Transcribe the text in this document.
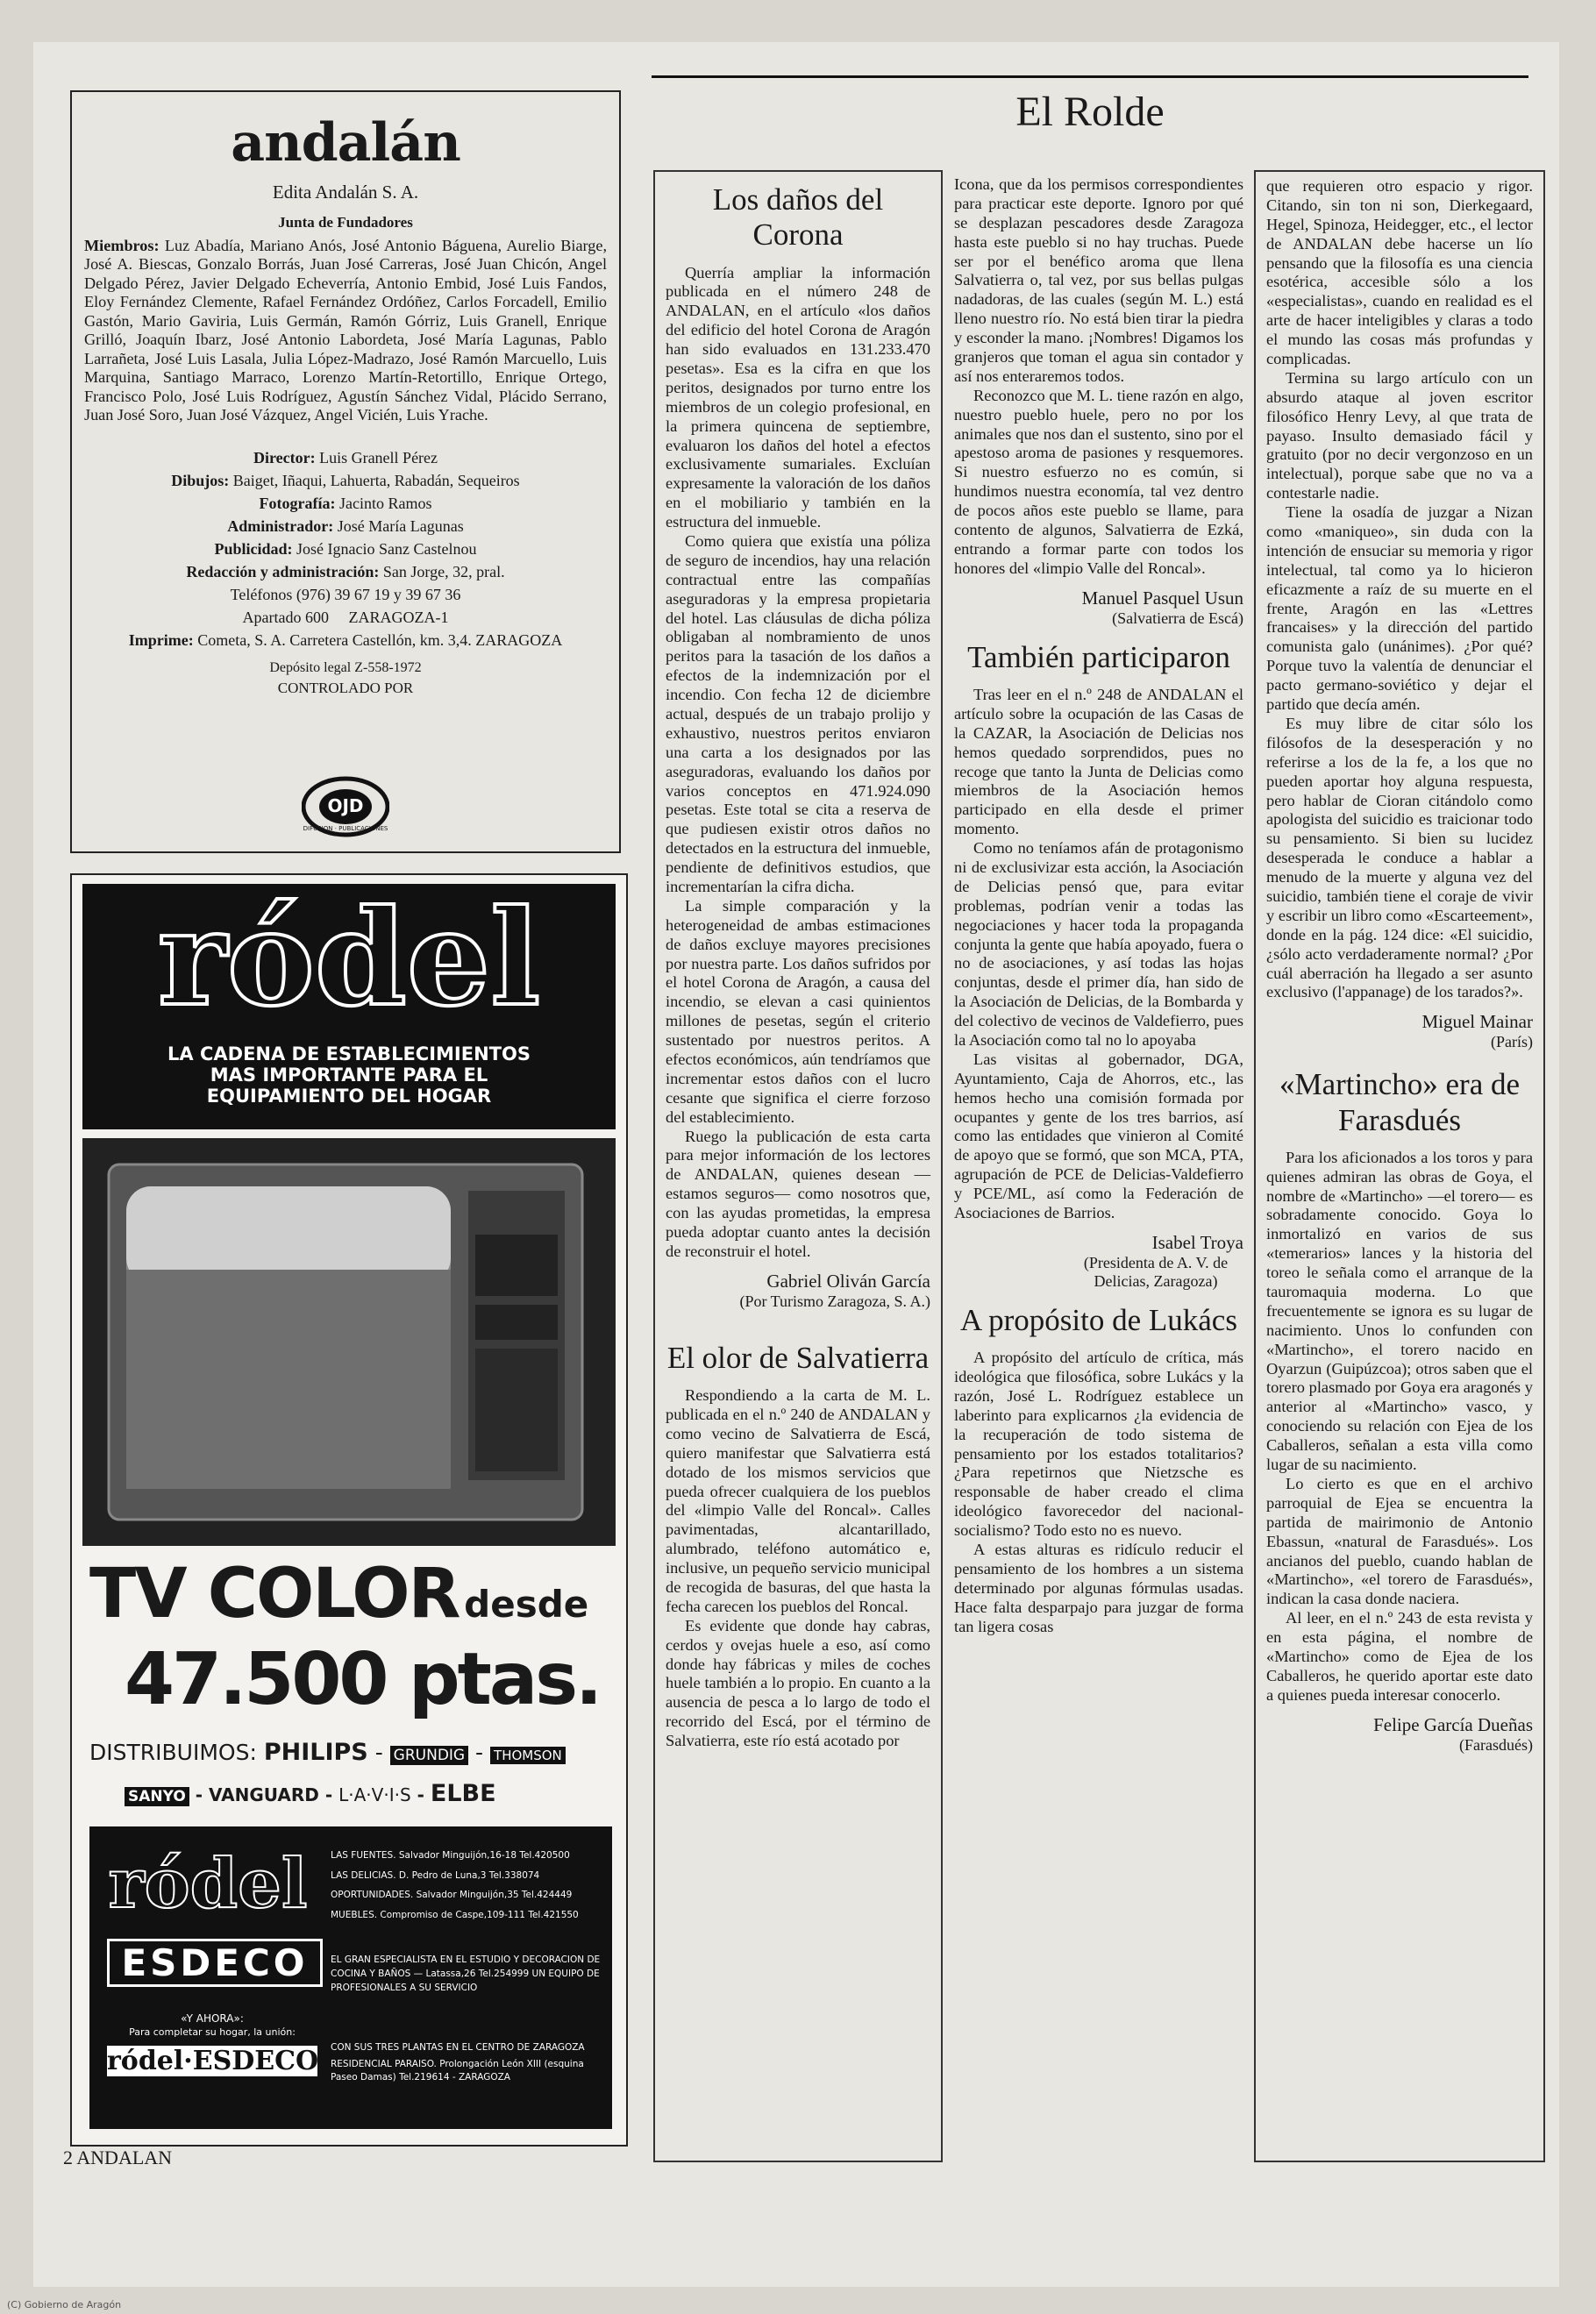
andalán
Edita Andalán S. A.
Junta de Fundadores
Miembros: Luz Abadía, Mariano Anós, José Antonio Báguena, Aurelio Biarge, José A. Biescas, Gonzalo Borrás, Juan José Carreras, José Juan Chicón, Angel Delgado Pérez, Javier Delgado Echeverría, Antonio Embid, José Luis Fandos, Eloy Fernández Clemente, Rafael Fernández Ordóñez, Carlos Forcadell, Emilio Gastón, Mario Gaviria, Luis Germán, Ramón Górriz, Luis Granell, Enrique Grilló, Joaquín Ibarz, José Antonio Labordeta, José María Lagunas, Pablo Larrañeta, José Luis Lasala, Julia López-Madrazo, José Ramón Marcuello, Luis Marquina, Santiago Marraco, Lorenzo Martín-Retortillo, Enrique Ortego, Francisco Polo, José Luis Rodríguez, Agustín Sánchez Vidal, Plácido Serrano, Juan José Soro, Juan José Vázquez, Angel Vicién, Luis Yrache.
Director: Luis Granell Pérez
Dibujos: Baiget, Iñaqui, Lahuerta, Rabadán, Sequeiros
Fotografía: Jacinto Ramos
Administrador: José María Lagunas
Publicidad: José Ignacio Sanz Castelnou
Redacción y administración: San Jorge, 32, pral.
Teléfonos (976) 39 67 19 y 39 67 36
Apartado 600     ZARAGOZA-1
Imprime: Cometa, S. A. Carretera Castellón, km. 3,4. ZARAGOZA
Depósito legal Z-558-1972
CONTROLADO POR
OJD
DIFUSION · PUBLICACIONES
ródel
LA CADENA DE ESTABLECIMIENTOS MAS IMPORTANTE PARA EL EQUIPAMIENTO DEL HOGAR
TV COLOR desde
47.500 ptas.
DISTRIBUIMOS: PHILIPS - GRUNDIG - THOMSON
SANYO - VANGUARD - L·A·V·I·S - ELBE
ródel
ESDECO
«Y AHORA»:
Para completar su hogar, la unión:
ródel·ESDECO
LAS FUENTES. Salvador Minguijón,16-18 Tel.420500
LAS DELICIAS. D. Pedro de Luna,3 Tel.338074
OPORTUNIDADES. Salvador Minguijón,35 Tel.424449
MUEBLES. Compromiso de Caspe,109-111 Tel.421550
EL GRAN ESPECIALISTA EN EL ESTUDIO Y DECORACION DE COCINA Y BAÑOS — Latassa,26 Tel.254999 UN EQUIPO DE PROFESIONALES A SU SERVICIO
CON SUS TRES PLANTAS EN EL CENTRO DE ZARAGOZA
RESIDENCIAL PARAISO. Prolongación León XIII (esquina Paseo Damas) Tel.219614 - ZARAGOZA
El Rolde
Los daños del Corona

Querría ampliar la información publicada en el número 248 de ANDALAN, en el artículo «los daños del edificio del hotel Corona de Aragón han sido evaluados en 131.233.470 pesetas». Esa es la cifra en que los peritos, designados por turno entre los miembros de un colegio profesional, en la primera quincena de septiembre, evaluaron los daños del hotel a efectos exclusivamente sumariales. Excluían expresamente la valoración de los daños en el mobiliario y también en la estructura del inmueble.

Como quiera que existía una póliza de seguro de incendios, hay una relación contractual entre las compañías aseguradoras y la empresa propietaria del hotel. Las cláusulas de dicha póliza obligaban al nombramiento de unos peritos para la tasación de los daños a efectos de la indemnización por el incendio. Con fecha 12 de diciembre actual, después de un trabajo prolijo y exhaustivo, nuestros peritos enviaron una carta a los designados por las aseguradoras, evaluando los daños por varios conceptos en 471.924.090 pesetas. Este total se cita a reserva de que pudiesen existir otros daños no detectados en la estructura del inmueble, pendiente de definitivos estudios, que incrementarían la cifra dicha.

La simple comparación y la heterogeneidad de ambas estimaciones de daños excluye mayores precisiones por nuestra parte. Los daños sufridos por el hotel Corona de Aragón, a causa del incendio, se elevan a casi quinientos millones de pesetas, según el criterio sustentado por nuestros peritos. A efectos económicos, aún tendríamos que incrementar estos daños con el lucro cesante que significa el cierre forzoso del establecimiento.

Ruego la publicación de esta carta para mejor información de los lectores de ANDALAN, quienes desean —estamos seguros— como nosotros que, con las ayudas prometidas, la empresa pueda adoptar cuanto antes la decisión de reconstruir el hotel.

Gabriel Oliván García
(Por Turismo Zaragoza, S. A.)
El olor de Salvatierra

Respondiendo a la carta de M. L. publicada en el n.º 240 de ANDALAN y como vecino de Salvatierra de Escá, quiero manifestar que Salvatierra está dotado de los mismos servicios que pueda ofrecer cualquiera de los pueblos del «limpio Valle del Roncal». Calles pavimentadas, alcantarillado, alumbrado, teléfono automático e, inclusive, un pequeño servicio municipal de recogida de basuras, del que hasta la fecha carecen los pueblos del Roncal.

Es evidente que donde hay cabras, cerdos y ovejas huele a eso, así como donde hay fábricas y miles de coches huele también a lo propio. En cuanto a la ausencia de pesca a lo largo de todo el recorrido del Escá, por el término de Salvatierra, este río está acotado por

Icona, que da los permisos correspondientes para practicar este deporte. Ignoro por qué se desplazan pescadores desde Zaragoza hasta este pueblo si no hay truchas. Puede ser por el benéfico aroma que llena Salvatierra o, tal vez, por sus bellas pulgas nadadoras, de las cuales (según M. L.) está lleno nuestro río. No está bien tirar la piedra y esconder la mano. ¡Nombres! Digamos los granjeros que toman el agua sin contador y así nos enteraremos todos.

Reconozco que M. L. tiene razón en algo, nuestro pueblo huele, pero no por los animales que nos dan el sustento, sino por el apestoso aroma de pasiones y resquemores. Si nuestro esfuerzo no es común, si hundimos nuestra economía, tal vez dentro de pocos años este pueblo se llame, para contento de algunos, Salvatierra de Ezká, entrando a formar parte con todos los honores del «limpio Valle del Roncal».

Manuel Pasquel Usun
(Salvatierra de Escá)
También participaron

Tras leer en el n.º 248 de ANDALAN el artículo sobre la ocupación de las Casas de la CAZAR, la Asociación de Delicias nos hemos quedado sorprendidos, pues no recoge que tanto la Junta de Delicias como miembros de la Asociación hemos participado en ella desde el primer momento.

Como no teníamos afán de protagonismo ni de exclusivizar esta acción, la Asociación de Delicias pensó que, para evitar problemas, podrían venir a todas las negociaciones y hacer toda la propaganda conjunta la gente que había apoyado, fuera o no de asociaciones, y así todas las hojas conjuntas, desde el primer día, han sido de la Asociación de Delicias, de la Bombarda y del colectivo de vecinos de Valdefierro, pues la Asociación como tal no lo apoyaba

Las visitas al gobernador, DGA, Ayuntamiento, Caja de Ahorros, etc., las hemos hecho una comisión formada por ocupantes y gente de los tres barrios, así como las entidades que vinieron al Comité de apoyo que se formó, que son MCA, PTA, agrupación de PCE de Delicias-Valdefierro y PCE/ML, así como la Federación de Asociaciones de Barrios.

Isabel Troya
(Presidenta de A. V. de Delicias, Zaragoza)
A propósito de Lukács

A propósito del artículo de crítica, más ideológica que filosófica, sobre Lukács y la razón, José L. Rodríguez establece un laberinto para explicarnos ¿la evidencia de la recuperación de todo sistema de pensamiento por los estados totalitarios? ¿Para repetirnos que Nietzsche es responsable de haber creado el clima ideológico favorecedor del nacional-socialismo? Todo esto no es nuevo.

A estas alturas es ridículo reducir el pensamiento de los hombres a un sistema determinado por algunas fórmulas usadas. Hace falta desparpajo para juzgar de forma tan ligera cosas

que requieren otro espacio y rigor. Citando, sin ton ni son, Dierkegaard, Hegel, Spinoza, Heidegger, etc., el lector de ANDALAN debe hacerse un lío pensando que la filosofía es una ciencia esotérica, accesible sólo a los «especialistas», cuando en realidad es el arte de hacer inteligibles y claras a todo el mundo las cosas más profundas y complicadas.

Termina su largo artículo con un absurdo ataque al joven escritor filosófico Henry Levy, al que trata de payaso. Insulto demasiado fácil y gratuito (por no decir vergonzoso en un intelectual), porque sabe que no va a contestarle nadie.

Tiene la osadía de juzgar a Nizan como «maniqueo», sin duda con la intención de ensuciar su memoria y rigor intelectual, tal como ya lo hicieron eficazmente a raíz de su muerte en el frente, Aragón en las «Lettres francaises» y la dirección del partido comunista galo (unánimes). ¿Por qué? Porque tuvo la valentía de denunciar el pacto germano-soviético y dejar el partido que decía amén.

Es muy libre de citar sólo los filósofos de la desesperación y no referirse a los de la fe, a los que no pueden aportar hoy alguna respuesta, pero hablar de Cioran citándolo como apologista del suicidio es traicionar todo su pensamiento. Si bien su lucidez desesperada le conduce a hablar a menudo de la muerte y alguna vez del suicidio, también tiene el coraje de vivir y escribir un libro como «Escarteement», donde en la pág. 124 dice: «El suicidio, ¿sólo acto verdaderamente normal? ¿Por cuál aberración ha llegado a ser asunto exclusivo (l'appanage) de los tarados?».

Miguel Mainar
(París)
«Martincho» era de Farasdués

Para los aficionados a los toros y para quienes admiran las obras de Goya, el nombre de «Martincho» —el torero— es sobradamente conocido. Goya lo inmortalizó en varios de sus «temerarios» lances y la historia del toreo le señala como el arranque de la tauromaquia moderna. Lo que frecuentemente se ignora es su lugar de nacimiento. Unos lo confunden con «Martincho», el torero nacido en Oyarzun (Guipúzcoa); otros saben que el torero plasmado por Goya era aragonés y anterior al «Martincho» vasco, y conociendo su relación con Ejea de los Caballeros, señalan a esta villa como lugar de su nacimiento.

Lo cierto es que en el archivo parroquial de Ejea se encuentra la partida de mairimonio de Antonio Ebassun, «natural de Farasdués». Los ancianos del pueblo, cuando hablan de «Martincho», «el torero de Farasdués», indican la casa donde naciera.

Al leer, en el n.º 243 de esta revista y en esta página, el nombre de «Martincho» como de Ejea de los Caballeros, he querido aportar este dato a quienes pueda interesar conocerlo.

Felipe García Dueñas
(Farasdués)
2 ANDALAN
(C) Gobierno de Aragón
